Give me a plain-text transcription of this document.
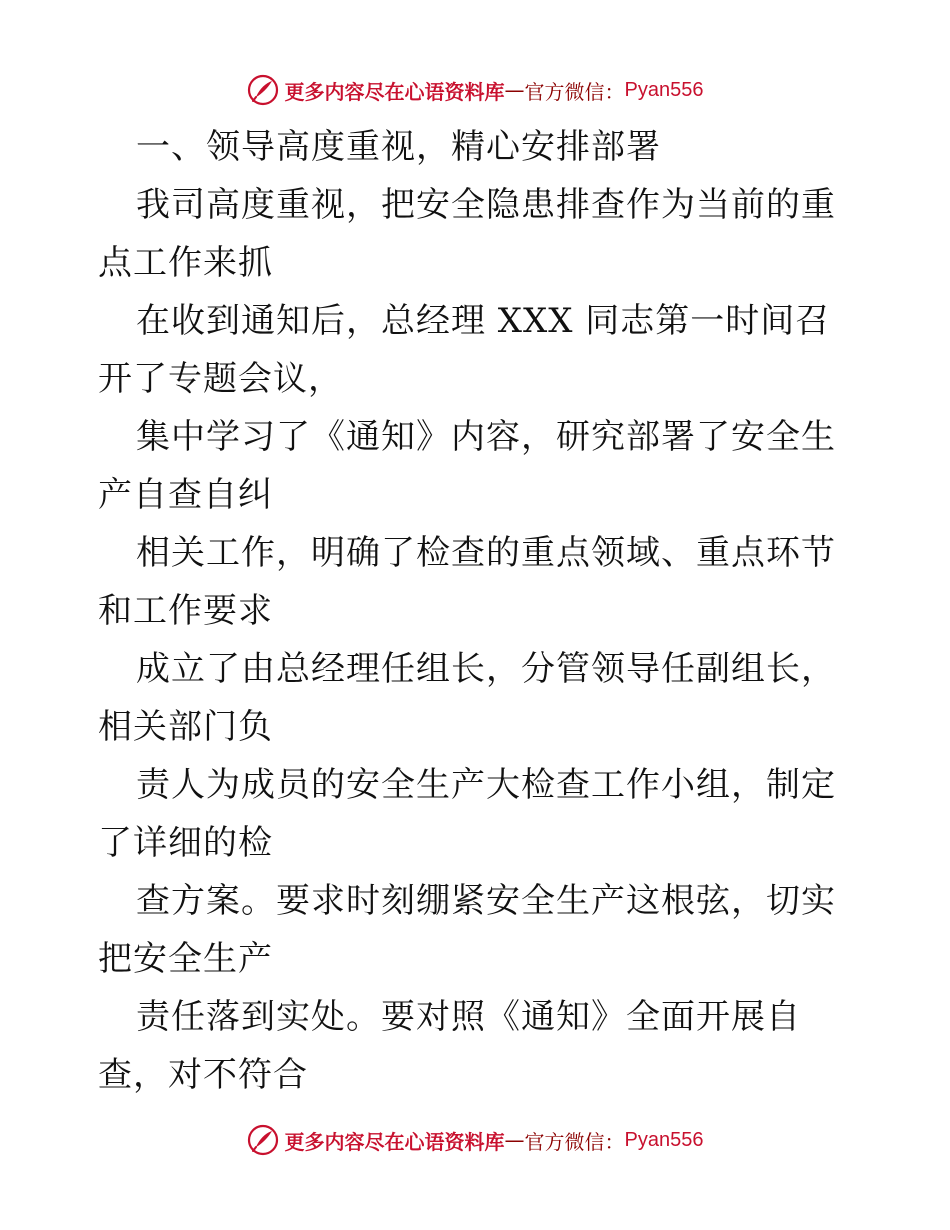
更多内容尽在心语资料库 — 官方微信： Pyan556

一、领导高度重视，精心安排部署

我司高度重视，把安全隐患排查作为当前的重点工作来抓

在收到通知后，总经理 XXX 同志第一时间召开了专题会议，

集中学习了《通知》内容，研究部署了安全生产自查自纠

相关工作，明确了检查的重点领域、重点环节和工作要求

成立了由总经理任组长，分管领导任副组长，相关部门负

责人为成员的安全生产大检查工作小组，制定了详细的检

查方案。要求时刻绷紧安全生产这根弦，切实把安全生产

责任落到实处。要对照《通知》全面开展自查，对不符合

更多内容尽在心语资料库 — 官方微信： Pyan556
